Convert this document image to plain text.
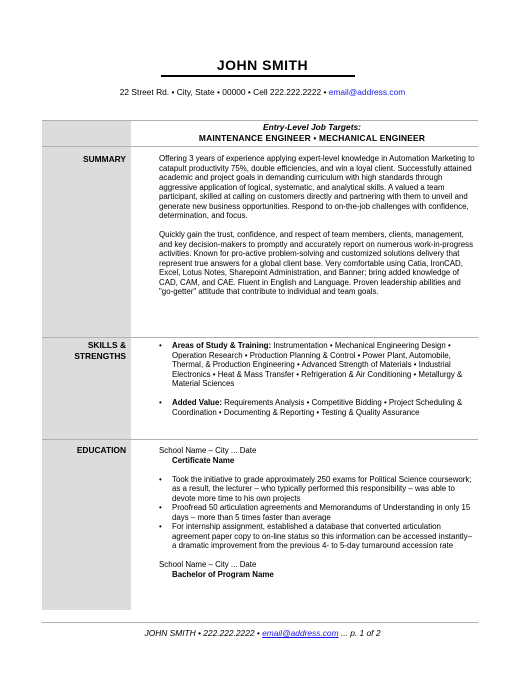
JOHN SMITH
22 Street Rd. • City, State • 00000 • Cell 222.222.2222 • email@address.com
Entry-Level Job Targets:
MAINTENANCE ENGINEER • MECHANICAL ENGINEER
SUMMARY	Offering 3 years of experience applying expert-level knowledge in Automation Marketing to catapult productivity 75%, double efficiencies, and win a loyal client. Successfully attained academic and project goals in demanding curriculum with high standards through aggressive application of logical, systematic, and analytical skills. A valued a team participant, skilled at calling on customers directly and partnering with them to unveil and generate new business opportunities. Respond to on-the-job challenges with confidence, determination, and focus.

Quickly gain the trust, confidence, and respect of team members, clients, management, and key decision-makers to promptly and accurately report on numerous work-in-progress activities. Known for pro-active problem-solving and customized solutions delivery that represent true answers for a global client base. Very comfortable using Catia, IronCAD, Excel, Lotus Notes, Sharepoint Administration, and Banner; bring added knowledge of CAD, CAM, and CAE. Fluent in English and Language. Proven leadership abilities and "go-getter" attitude that contribute to individual and team goals.

SKILLS &
STRENGTHS
• Areas of Study & Training: Instrumentation • Mechanical Engineering Design • Operation Research • Production Planning & Control • Power Plant, Automobile, Thermal, & Production Engineering • Advanced Strength of Materials • Industrial Electronics • Heat & Mass Transfer • Refrigeration & Air Conditioning • Metallurgy & Material Sciences
• Added Value: Requirements Analysis • Competitive Bidding • Project Scheduling & Coordination • Documenting & Reporting • Testing & Quality Assurance
EDUCATION	School Name – City ... Date

Certificate Name

• Took the initiative to grade approximately 250 exams for Political Science coursework; as a result, the lecturer – who typically performed this responsibility – was able to devote more time to his own projects
• Proofread 50 articulation agreements and Memorandums of Understanding in only 15 days – more than 5 times faster than average
• For internship assignment, established a database that converted articulation agreement paper copy to on-line status so this information can be accessed instantly– a dramatic improvement from the previous 4- to 5-day turnaround accession rate

School Name – City ... Date

Bachelor of Program Name

JOHN SMITH • 222.222.2222 • email@address.com ... p. 1 of 2
